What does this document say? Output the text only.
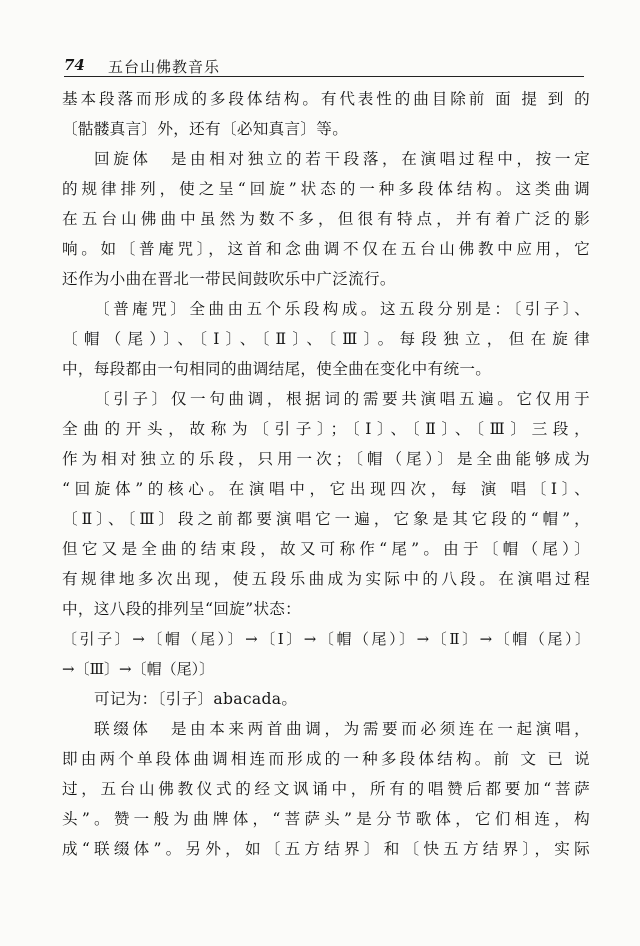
74 五台山佛教音乐
基本段落而形成的多段体结构。有代表性的曲目除前 面 提 到 的
〔骷髅真言〕外，还有〔必知真言〕等。
回旋体　是由相对独立的若干段落，在演唱过程中，按一定
的规律排列，使之呈“回旋”状态的一种多段体结构。这类曲调
在五台山佛曲中虽然为数不多，但很有特点，并有着广泛的影
响。如〔普庵咒〕，这首和念曲调不仅在五台山佛教中应用，它
还作为小曲在晋北一带民间鼓吹乐中广泛流行。
〔普庵咒〕全曲由五个乐段构成。这五段分别是：〔引子〕、
〔帽（尾）〕、〔Ⅰ〕、〔Ⅱ〕、〔Ⅲ〕。每段独立，但在旋律
中，每段都由一句相同的曲调结尾，使全曲在变化中有统一。
〔引子〕仅一句曲调，根据词的需要共演唱五遍。它仅用于
全曲的开头，故称为〔引子〕；〔Ⅰ〕、〔Ⅱ〕、〔Ⅲ〕三段，
作为相对独立的乐段，只用一次；〔帽（尾）〕是全曲能够成为
“回旋体”的核心。在演唱中，它出现四次，每 演 唱〔Ⅰ〕、
〔Ⅱ〕、〔Ⅲ〕段之前都要演唱它一遍，它象是其它段的“帽”，
但它又是全曲的结束段，故又可称作“尾”。由于〔帽（尾）〕
有规律地多次出现，使五段乐曲成为实际中的八段。在演唱过程
中，这八段的排列呈“回旋”状态：
〔引子〕→〔帽（尾）〕→〔Ⅰ〕→〔帽（尾）〕→〔Ⅱ〕→〔帽（尾）〕
→〔Ⅲ〕→〔帽（尾）〕
可记为：〔引子〕abacada。
联缀体　是由本来两首曲调，为需要而必须连在一起演唱，
即由两个单段体曲调相连而形成的一种多段体结构。前 文 已 说
过，五台山佛教仪式的经文讽诵中，所有的唱赞后都要加“菩萨
头”。赞一般为曲牌体，“菩萨头”是分节歌体，它们相连，构
成“联缀体”。另外，如〔五方结界〕和〔快五方结界〕，实际
